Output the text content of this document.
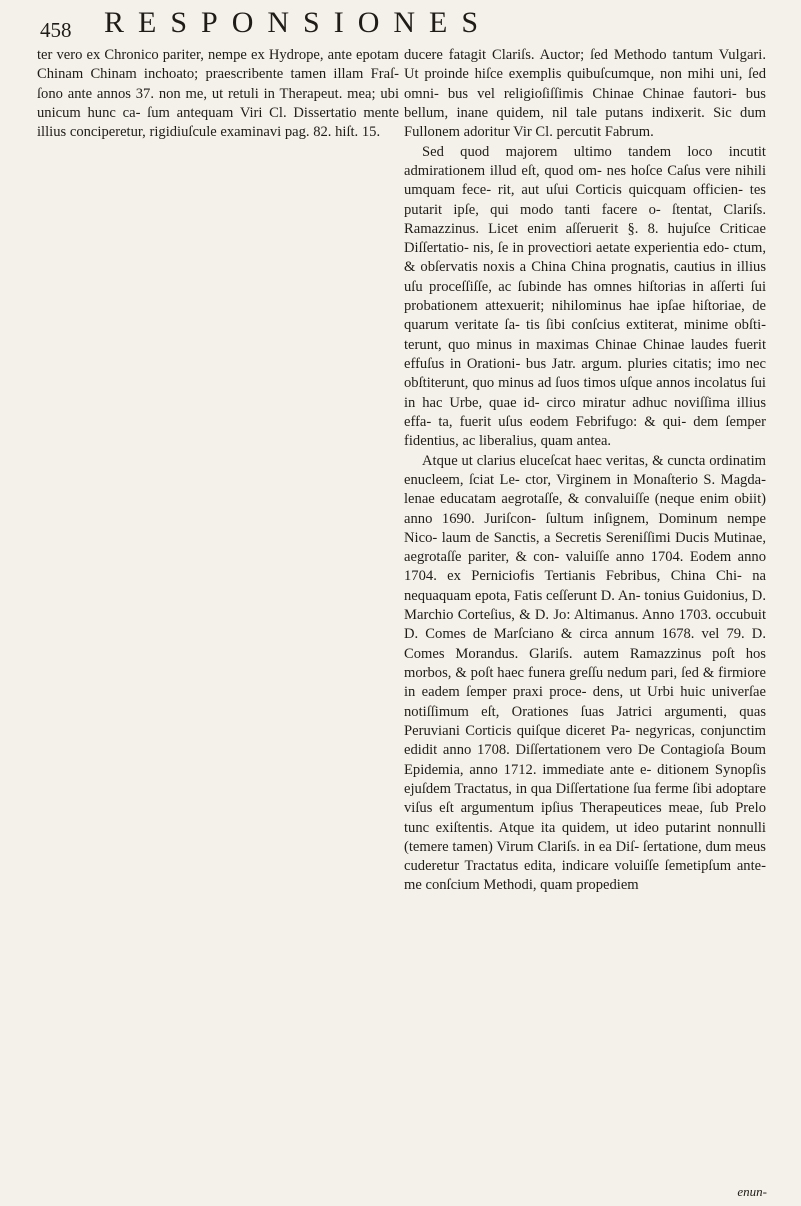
458 RESPONSIONES

ter vero ex Chronico pariter, nempe ex Hydrope, ante epotam Chinam Chinam inchoato; praescribente tamen illam Fraſ- ſono ante annos 37. non me, ut retuli in Therapeut. mea; ubi unicum hunc ca- ſum antequam Viri Cl. Dissertatio mente illius conciperetur, rigidiuſcule examinavi pag. 82. hiſt. 15.

ducere fatagit Clariſs. Auctor; ſed Methodo tantum Vulgari. Ut proinde hiſce exemplis quibuſcumque, non mihi uni, ſed omni- bus vel religioſiſſimis Chinae Chinae fautori- bus bellum, inane quidem, nil tale putans indixerit. Sic dum Fullonem adoritur Vir Cl. percutit Fabrum.

Sed quod majorem ultimo tandem loco incutit admirationem illud eſt, quod om- nes hoſce Caſus vere nihili umquam fece- rit, aut uſui Corticis quicquam officien- tes putarit ipſe, qui modo tanti facere o- ſtentat, Clariſs. Ramazzinus. Licet enim aſſeruerit §. 8. hujuſce Criticae Diſſertatio- nis, ſe in provectiori aetate experientia edo- ctum, & obſervatis noxis a China China prognatis, cautius in illius uſu proceſſiſſe, ac ſubinde has omnes hiſtorias in aſſerti ſui probationem attexuerit; nihilominus hae ipſae hiſtoriae, de quarum veritate ſa- tis ſibi conſcius extiterat, minime obſti- terunt, quo minus in maximas Chinae Chinae laudes fuerit effuſus in Orationi- bus Jatr. argum. pluries citatis; imo nec obſtiterunt, quo minus ad ſuos timos uſque annos incolatus ſui in hac Urbe, quae id- circo miratur adhuc noviſſima illius effa- ta, fuerit uſus eodem Febrifugo: & qui- dem ſemper fidentius, ac liberalius, quam antea.

Atque ut clarius eluceſcat haec veritas, & cuncta ordinatim enucleem, ſciat Le- ctor, Virginem in Monaſterio S. Magda- lenae educatam aegrotaſſe, & convaluiſſe (neque enim obiit) anno 1690. Juriſcon- ſultum inſignem, Dominum nempe Nico- laum de Sanctis, a Secretis Sereniſſimi Ducis Mutinae, aegrotaſſe pariter, & con- valuiſſe anno 1704. Eodem anno 1704. ex Perniciofis Tertianis Febribus, China Chi- na nequaquam epota, Fatis ceſſerunt D. An- tonius Guidonius, D. Marchio Corteſius, & D. Jo: Altimanus. Anno 1703. occubuit D. Comes de Marſciano & circa annum 1678. vel 79. D. Comes Morandus. Glariſs. autem Ramazzinus poſt hos morbos, & poſt haec funera greſſu nedum pari, ſed & firmiore in eadem ſemper praxi proce- dens, ut Urbi huic univerſae notiſſimum eſt, Orationes ſuas Jatrici argumenti, quas Peruviani Corticis quiſque diceret Pa- negyricas, conjunctim edidit anno 1708. Diſſertationem vero De Contagioſa Boum Epidemia, anno 1712. immediate ante e- ditionem Synopſis ejuſdem Tractatus, in qua Diſſertatione ſua ferme ſibi adoptare viſus eſt argumentum ipſius Therapeutices meae, ſub Prelo tunc exiſtentis. Atque ita quidem, ut ideo putarint nonnulli (temere tamen) Virum Clariſs. in ea Diſ- ſertatione, dum meus cuderetur Tractatus edita, indicare voluiſſe ſemetipſum ante- me conſcium Methodi, quam propediem

enun-
